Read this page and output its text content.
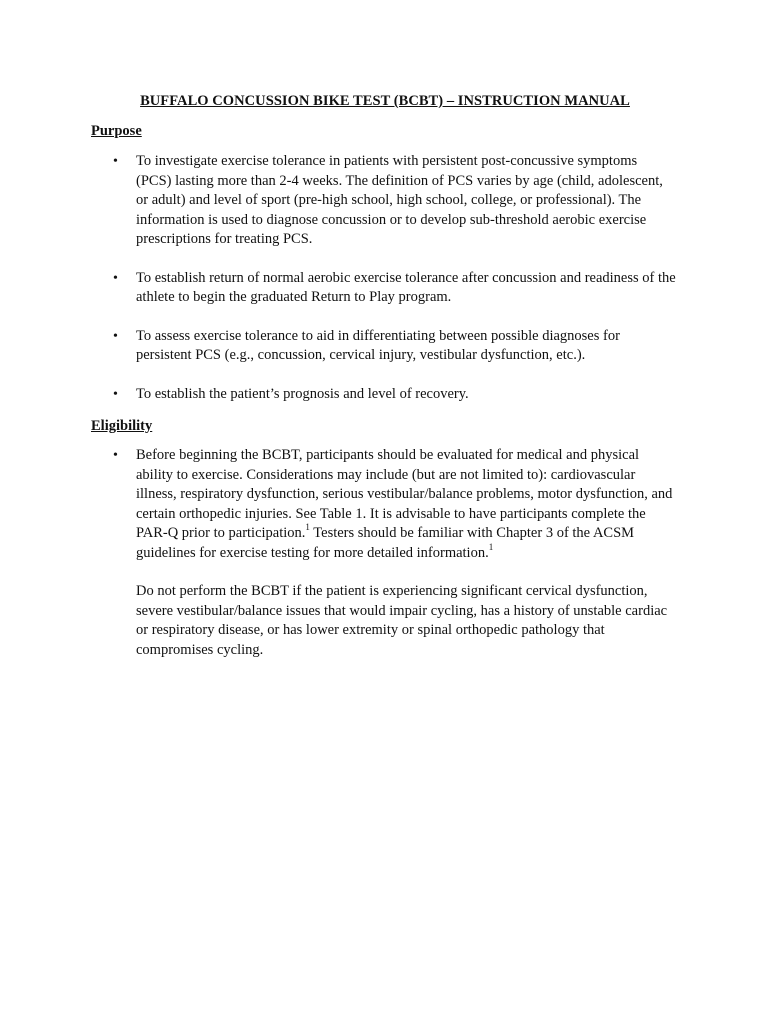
BUFFALO CONCUSSION BIKE TEST (BCBT) – INSTRUCTION MANUAL
Purpose
• To investigate exercise tolerance in patients with persistent post-concussive symptoms (PCS) lasting more than 2-4 weeks. The definition of PCS varies by age (child, adolescent, or adult) and level of sport (pre-high school, high school, college, or professional). The information is used to diagnose concussion or to develop sub-threshold aerobic exercise prescriptions for treating PCS.
• To establish return of normal aerobic exercise tolerance after concussion and readiness of the athlete to begin the graduated Return to Play program.
• To assess exercise tolerance to aid in differentiating between possible diagnoses for persistent PCS (e.g., concussion, cervical injury, vestibular dysfunction, etc.).
• To establish the patient’s prognosis and level of recovery.
Eligibility
• Before beginning the BCBT, participants should be evaluated for medical and physical ability to exercise. Considerations may include (but are not limited to): cardiovascular illness, respiratory dysfunction, serious vestibular/balance problems, motor dysfunction, and certain orthopedic injuries. See Table 1. It is advisable to have participants complete the PAR-Q prior to participation.$^1$ Testers should be familiar with Chapter 3 of the ACSM guidelines for exercise testing for more detailed information.$^1$
Do not perform the BCBT if the patient is experiencing significant cervical dysfunction, severe vestibular/balance issues that would impair cycling, has a history of unstable cardiac or respiratory disease, or has lower extremity or spinal orthopedic pathology that compromises cycling.
